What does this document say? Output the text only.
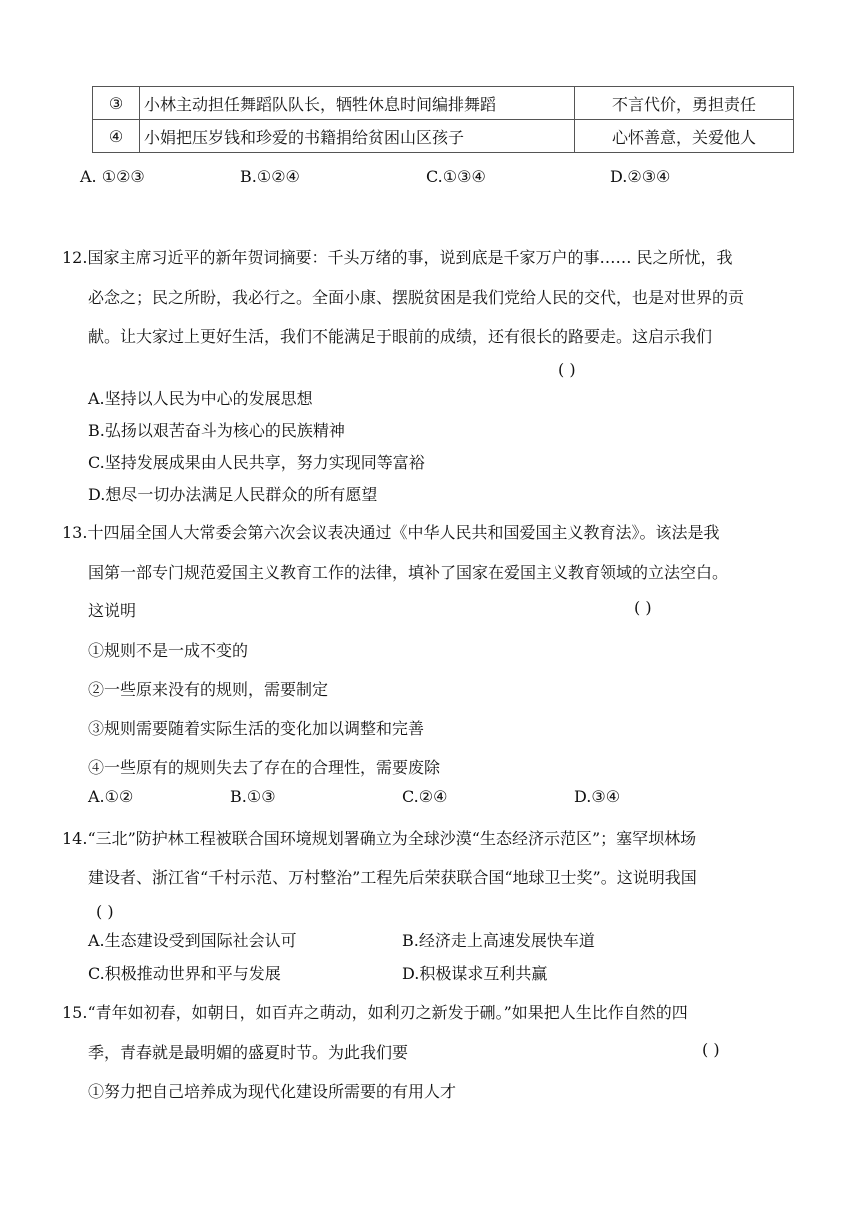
③	小林主动担任舞蹈队队长，牺牲休息时间编排舞蹈	不言代价，勇担责任
④	小娟把压岁钱和珍爱的书籍捐给贫困山区孩子	心怀善意，关爱他人
A. ①②③	B.①②④	C.①③④	D.②③④
12.国家主席习近平的新年贺词摘要：千头万绪的事，说到底是千家万户的事…… 民之所忧，我
必念之；民之所盼，我必行之。全面小康、摆脱贫困是我们党给人民的交代，也是对世界的贡
献。让大家过上更好生活，我们不能满足于眼前的成绩，还有很长的路要走。这启示我们
( )
A.坚持以人民为中心的发展思想
B.弘扬以艰苦奋斗为核心的民族精神
C.坚持发展成果由人民共享，努力实现同等富裕
D.想尽一切办法满足人民群众的所有愿望
13.十四届全国人大常委会第六次会议表决通过《中华人民共和国爱国主义教育法》。该法是我
国第一部专门规范爱国主义教育工作的法律，填补了国家在爱国主义教育领域的立法空白。
这说明	( )
①规则不是一成不变的
②一些原来没有的规则，需要制定
③规则需要随着实际生活的变化加以调整和完善
④一些原有的规则失去了存在的合理性，需要废除
A.①②	B.①③	C.②④	D.③④
14.“三北”防护林工程被联合国环境规划署确立为全球沙漠“生态经济示范区”；塞罕坝林场
建设者、浙江省“千村示范、万村整治”工程先后荣获联合国“地球卫士奖”。这说明我国
( )
A.生态建设受到国际社会认可	B.经济走上高速发展快车道
C.积极推动世界和平与发展	D.积极谋求互利共赢
15.“青年如初春，如朝日，如百卉之萌动，如利刃之新发于硎。”如果把人生比作自然的四
季，青春就是最明媚的盛夏时节。为此我们要	( )
①努力把自己培养成为现代化建设所需要的有用人才
